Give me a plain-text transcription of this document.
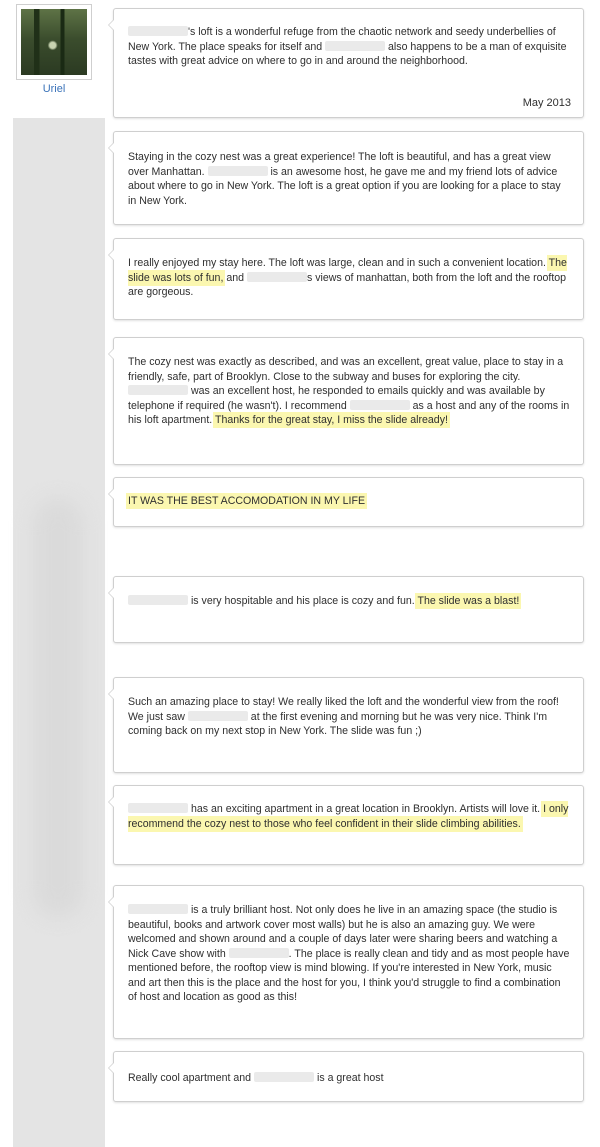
Uriel

's loft is a wonderful refuge from the chaotic network and seedy underbellies of New York. The place speaks for itself and	also happens to be a man of exquisite tastes with great advice on where to go in and around the neighborhood.

May 2013

Staying in the cozy nest was a great experience! The loft is beautiful, and has a great view over Manhattan.	is an awesome host, he gave me and my friend lots of advice about where to go in New York. The loft is a great option if you are looking for a place to stay in New York.

I really enjoyed my stay here. The loft was large, clean and in such a convenient location. The slide was lots of fun, and	s views of manhattan, both from the loft and the rooftop are gorgeous.

The cozy nest was exactly as described, and was an excellent, great value, place to stay in a friendly, safe, part of Brooklyn. Close to the subway and buses for exploring the city.  was an excellent host, he responded to emails quickly and was available by telephone if required (he wasn't). I recommend	as a host and any of the rooms in his loft apartment. Thanks for the great stay, I miss the slide already!

IT WAS THE BEST ACCOMODATION IN MY LIFE

is very hospitable and his place is cozy and fun. The slide was a blast!

Such an amazing place to stay! We really liked the loft and the wonderful view from the roof! We just saw	at the first evening and morning but he was very nice. Think I'm coming back on my next stop in New York. The slide was fun ;)

has an exciting apartment in a great location in Brooklyn. Artists will love it. I only recommend the cozy nest to those who feel confident in their slide climbing abilities.

is a truly brilliant host. Not only does he live in an amazing space (the studio is beautiful, books and artwork cover most walls) but he is also an amazing guy. We were welcomed and shown around and a couple of days later were sharing beers and watching a Nick Cave show with	. The place is really clean and tidy and as most people have mentioned before, the rooftop view is mind blowing. If you're interested in New York, music and art then this is the place and the host for you, I think you'd struggle to find a combination of host and location as good as this!

Really cool apartment and	is a great host
